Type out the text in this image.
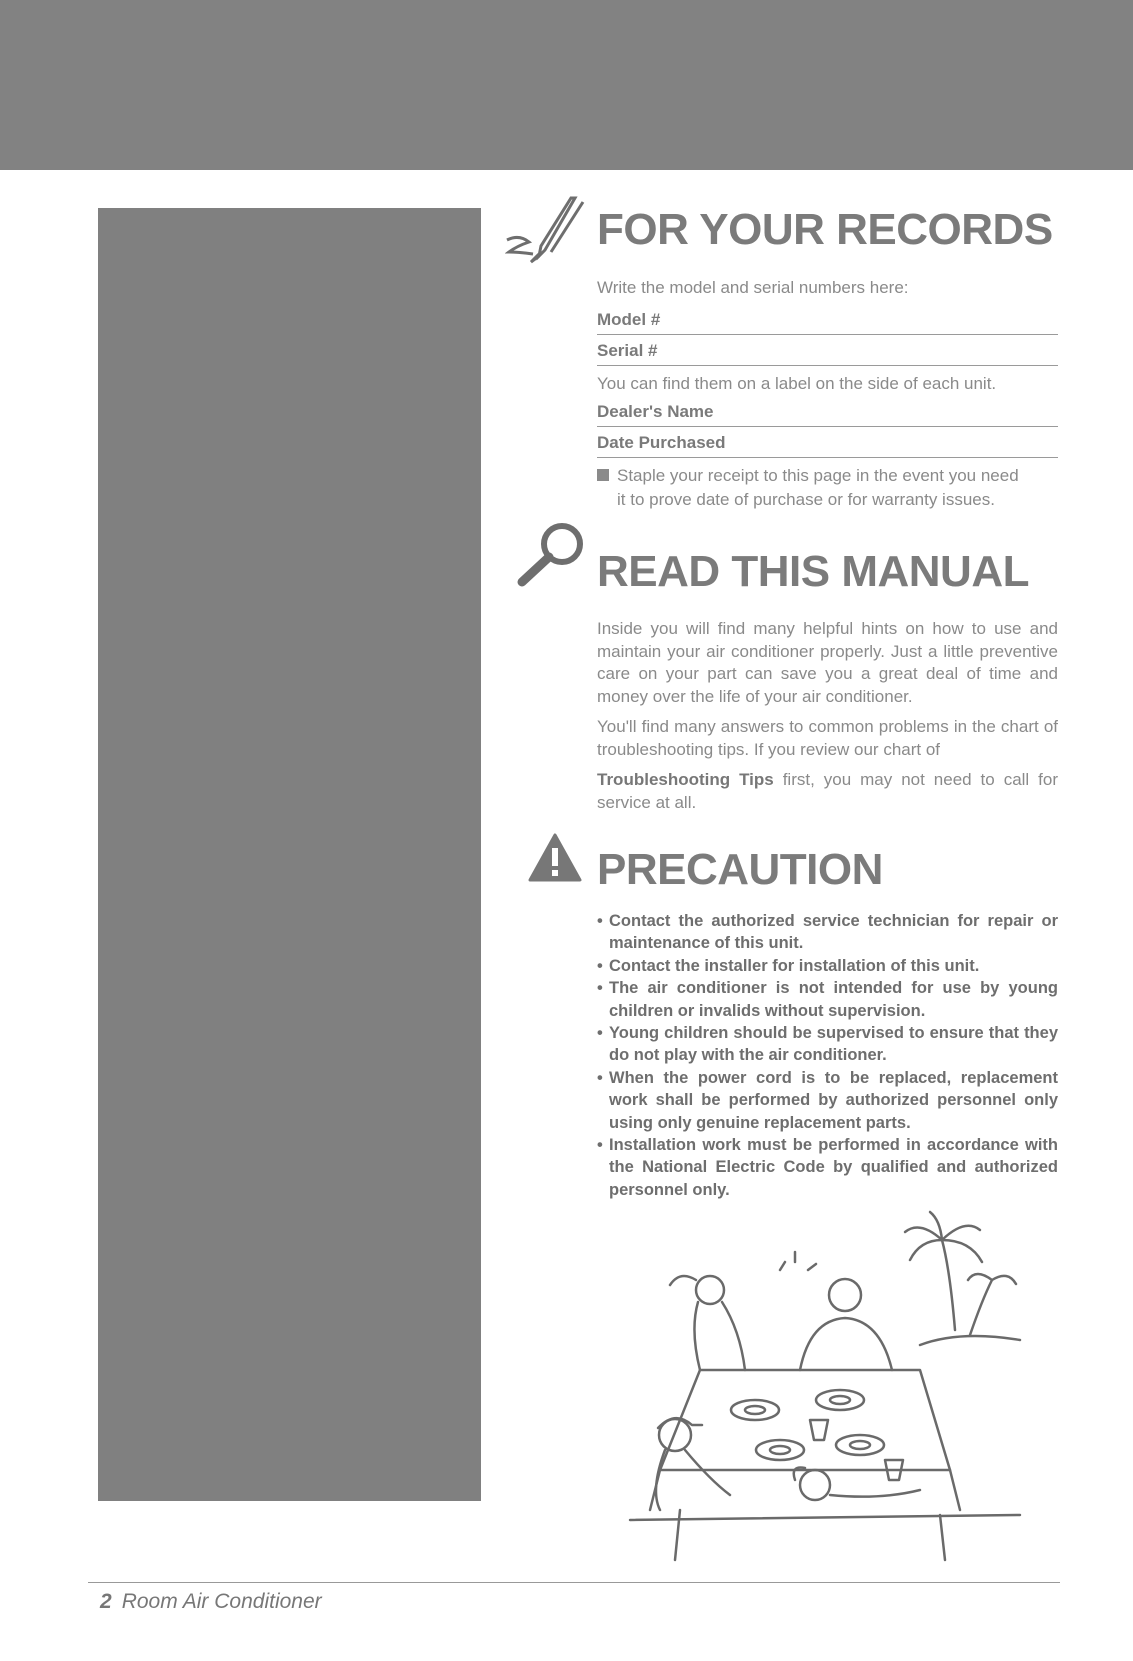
FOR YOUR RECORDS
Write the model and serial numbers here:
Model #
Serial #
You can find them on a label on the side of each unit.
Dealer's Name
Date Purchased
Staple your receipt to this page in the event you need
it to prove date of purchase or for warranty issues.
READ THIS MANUAL

Inside you will find many helpful hints on how to use and maintain your air conditioner properly. Just a little preventive care on your part can save you a great deal of time and money over the life of your air conditioner.

You'll find many answers to common problems in the chart of troubleshooting tips. If you review our chart of

Troubleshooting Tips first, you may not need to call for service at all.

PRECAUTION
• Contact the authorized service technician for repair or maintenance of this unit.
• Contact the installer for installation of this unit.
• The air conditioner is not intended for use by young children or invalids without supervision.
• Young children should be supervised to ensure that they do not play with the air conditioner.
• When the power cord is to be replaced, replacement work shall be performed by authorized personnel only using only genuine replacement parts.
• Installation work must be performed in accordance with the National Electric Code by qualified and authorized personnel only.
2 Room Air Conditioner
